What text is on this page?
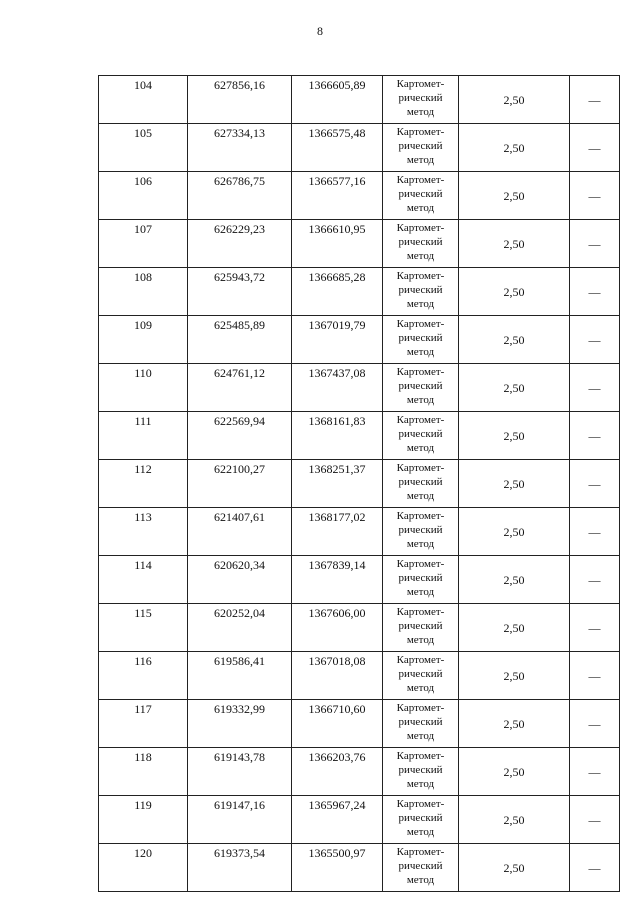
8
104	627856,16	1366605,89	Картомет-
рический
метод	2,50	—
105	627334,13	1366575,48	Картомет-
рический
метод	2,50	—
106	626786,75	1366577,16	Картомет-
рический
метод	2,50	—
107	626229,23	1366610,95	Картомет-
рический
метод	2,50	—
108	625943,72	1366685,28	Картомет-
рический
метод	2,50	—
109	625485,89	1367019,79	Картомет-
рический
метод	2,50	—
110	624761,12	1367437,08	Картомет-
рический
метод	2,50	—
111	622569,94	1368161,83	Картомет-
рический
метод	2,50	—
112	622100,27	1368251,37	Картомет-
рический
метод	2,50	—
113	621407,61	1368177,02	Картомет-
рический
метод	2,50	—
114	620620,34	1367839,14	Картомет-
рический
метод	2,50	—
115	620252,04	1367606,00	Картомет-
рический
метод	2,50	—
116	619586,41	1367018,08	Картомет-
рический
метод	2,50	—
117	619332,99	1366710,60	Картомет-
рический
метод	2,50	—
118	619143,78	1366203,76	Картомет-
рический
метод	2,50	—
119	619147,16	1365967,24	Картомет-
рический
метод	2,50	—
120	619373,54	1365500,97	Картомет-
рический
метод	2,50	—
